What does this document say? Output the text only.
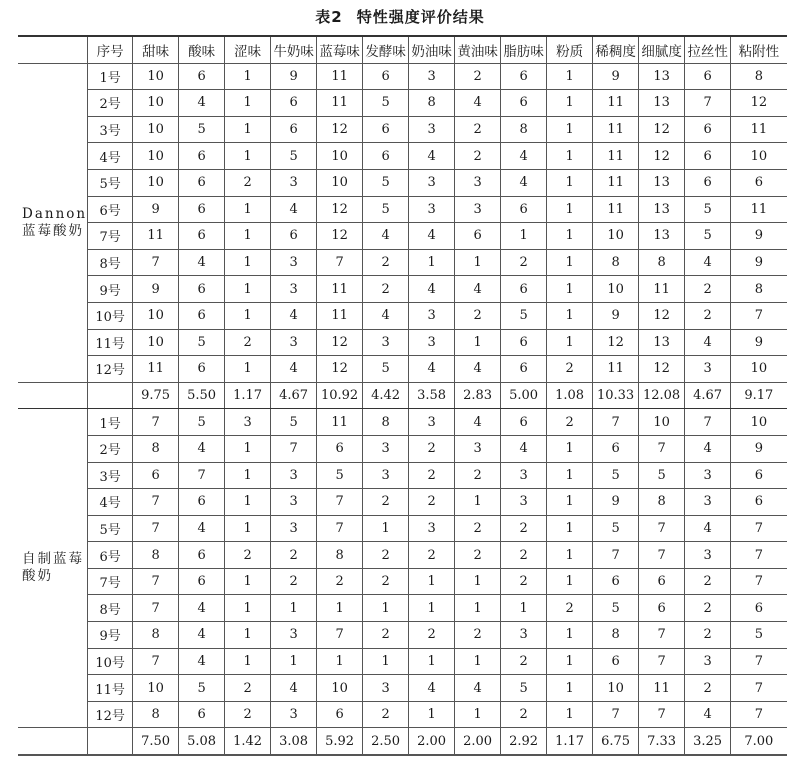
表2 特性强度评价结果
	序号	甜味	酸味	涩味	牛奶味	蓝莓味	发酵味	奶油味	黄油味	脂肪味	粉质	稀稠度	细腻度	拉丝性	粘附性
Dannon 蓝莓酸奶	1号	10	6	1	9	11	6	3	2	6	1	9	13	6	8
	2号	10	4	1	6	11	5	8	4	6	1	11	13	7	12
	3号	10	5	1	6	12	6	3	2	8	1	11	12	6	11
	4号	10	6	1	5	10	6	4	2	4	1	11	12	6	10
	5号	10	6	2	3	10	5	3	3	4	1	11	13	6	6
	6号	9	6	1	4	12	5	3	3	6	1	11	13	5	11
	7号	11	6	1	6	12	4	4	6	1	1	10	13	5	9
	8号	7	4	1	3	7	2	1	1	2	1	8	8	4	9
	9号	9	6	1	3	11	2	4	4	6	1	10	11	2	8
	10号	10	6	1	4	11	4	3	2	5	1	9	12	2	7
	11号	10	5	2	3	12	3	3	1	6	1	12	13	4	9
	12号	11	6	1	4	12	5	4	4	6	2	11	12	3	10
		9.75	5.50	1.17	4.67	10.92	4.42	3.58	2.83	5.00	1.08	10.33	12.08	4.67	9.17
自制蓝莓酸奶	1号	7	5	3	5	11	8	3	4	6	2	7	10	7	10
	2号	8	4	1	7	6	3	2	3	4	1	6	7	4	9
	3号	6	7	1	3	5	3	2	2	3	1	5	5	3	6
	4号	7	6	1	3	7	2	2	1	3	1	9	8	3	6
	5号	7	4	1	3	7	1	3	2	2	1	5	7	4	7
	6号	8	6	2	2	8	2	2	2	2	1	7	7	3	7
	7号	7	6	1	2	2	2	1	1	2	1	6	6	2	7
	8号	7	4	1	1	1	1	1	1	1	2	5	6	2	6
	9号	8	4	1	3	7	2	2	2	3	1	8	7	2	5
	10号	7	4	1	1	1	1	1	1	2	1	6	7	3	7
	11号	10	5	2	4	10	3	4	4	5	1	10	11	2	7
	12号	8	6	2	3	6	2	1	1	2	1	7	7	4	7
		7.50	5.08	1.42	3.08	5.92	2.50	2.00	2.00	2.92	1.17	6.75	7.33	3.25	7.00
